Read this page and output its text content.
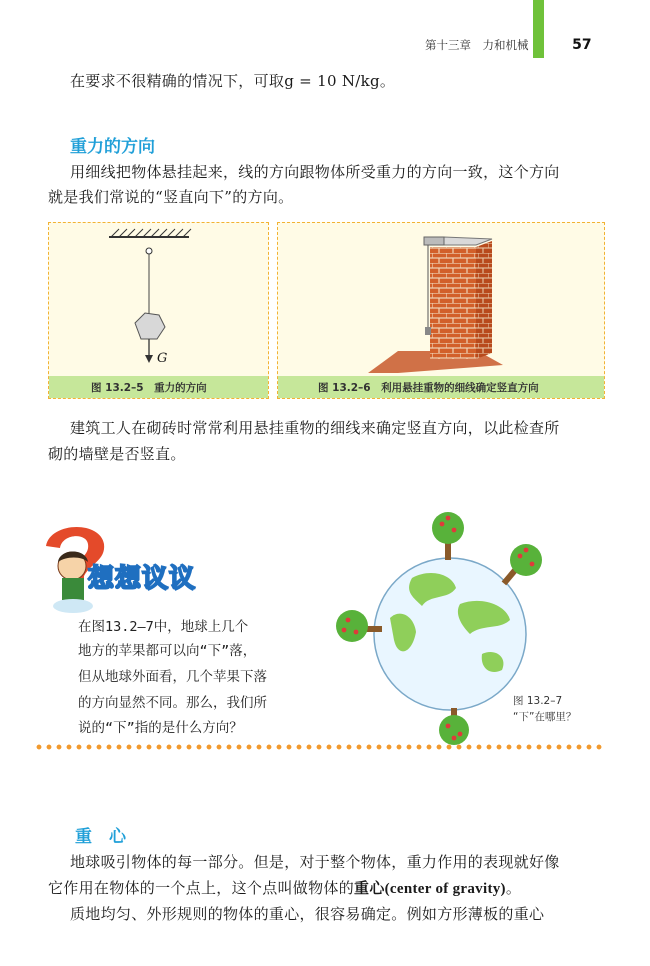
第十三章　力和机械	57
在要求不很精确的情况下，可取g = 10 N/kg。
重力的方向
用细线把物体悬挂起来，线的方向跟物体所受重力的方向一致，这个方向
就是我们常说的“竖直向下”的方向。
G
图 13.2–5　重力的方向	图 13.2–6　利用悬挂重物的细线确定竖直方向
建筑工人在砌砖时常常利用悬挂重物的细线来确定竖直方向，以此检查所
砌的墙壁是否竖直。
想想议议
在图13.2–7中，地球上几个
地方的苹果都可以向“下”落，
但从地球外面看，几个苹果下落
的方向显然不同。那么，我们所
说的“下”指的是什么方向？
图 13.2–7
“下”在哪里？
重　心
地球吸引物体的每一部分。但是，对于整个物体，重力作用的表现就好像
它作用在物体的一个点上，这个点叫做物体的重心(center of gravity)。
质地均匀、外形规则的物体的重心，很容易确定。例如方形薄板的重心
